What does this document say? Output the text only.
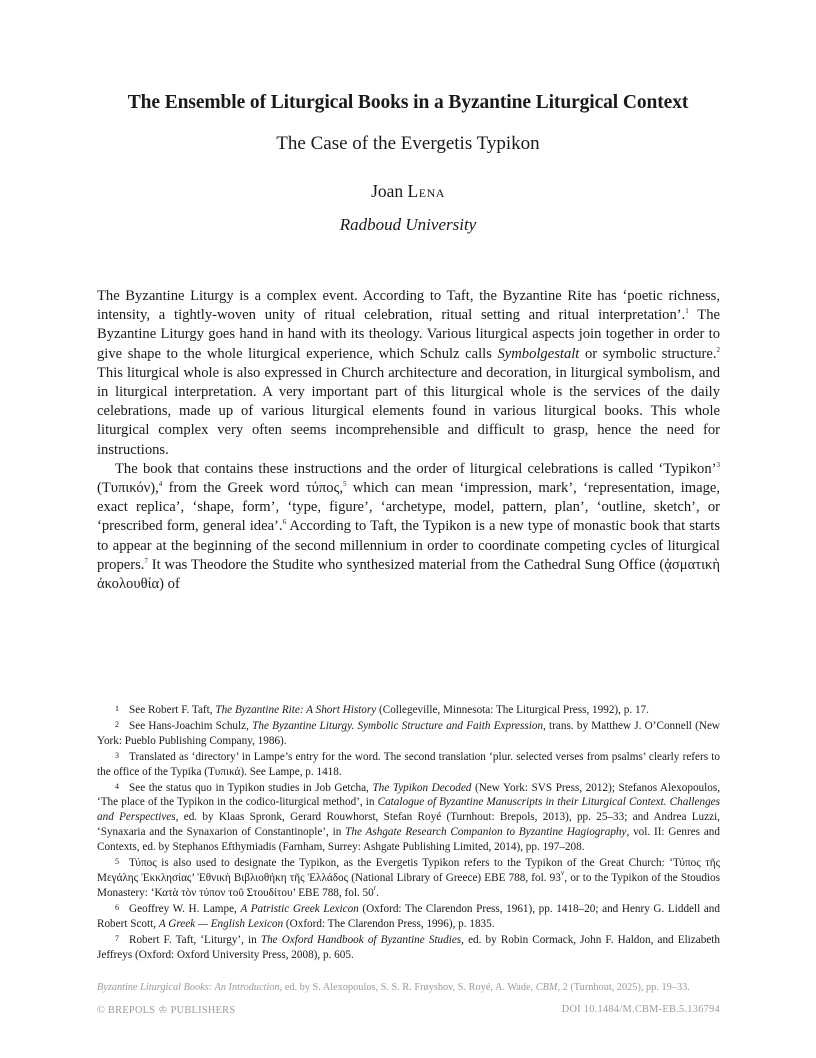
The Ensemble of Liturgical Books in a Byzantine Liturgical Context
The Case of the Evergetis Typikon
Joan Lena
Radboud University

The Byzantine Liturgy is a complex event. According to Taft, the Byzantine Rite has ‘poetic richness, intensity, a tightly-woven unity of ritual celebration, ritual setting and ritual interpretation’.$^1$ The Byzantine Liturgy goes hand in hand with its theology. Various liturgical aspects join together in order to give shape to the whole liturgical experience, which Schulz calls Symbolgestalt or symbolic structure.$^2$ This liturgical whole is also expressed in Church architecture and decoration, in liturgical symbolism, and in liturgical interpretation. A very important part of this liturgical whole is the services of the daily celebrations, made up of various liturgical elements found in various liturgical books. This whole liturgical complex very often seems incomprehensible and difficult to grasp, hence the need for instructions.

The book that contains these instructions and the order of liturgical celebrations is called ‘Typikon’$^3$ (Τυπικόν),$^4$ from the Greek word τύπος,$^5$ which can mean ‘impression, mark’, ‘representation, image, exact replica’, ‘shape, form’, ‘type, figure’, ‘archetype, model, pattern, plan’, ‘outline, sketch’, or ‘prescribed form, general idea’.$^6$ According to Taft, the Typikon is a new type of monastic book that starts to appear at the beginning of the second millennium in order to coordinate competing cycles of liturgical propers.$^7$ It was Theodore the Studite who synthesized material from the Cathedral Sung Office (ᾀσματικὴ ἀκολουθία) of

1 See Robert F. Taft, The Byzantine Rite: A Short History (Collegeville, Minnesota: The Liturgical Press, 1992), p. 17.

2 See Hans-Joachim Schulz, The Byzantine Liturgy. Symbolic Structure and Faith Expression, trans. by Matthew J. O’Connell (New York: Pueblo Publishing Company, 1986).

3 Translated as ‘directory’ in Lampe’s entry for the word. The second translation ‘plur. selected verses from psalms’ clearly refers to the office of the Typika (Τυπικά). See Lampe, p. 1418.

4 See the status quo in Typikon studies in Job Getcha, The Typikon Decoded (New York: SVS Press, 2012); Stefanos Alexopoulos, ‘The place of the Typikon in the codico-liturgical method’, in Catalogue of Byzantine Manuscripts in their Liturgical Context. Challenges and Perspectives, ed. by Klaas Spronk, Gerard Rouwhorst, Stefan Royé (Turnhout: Brepols, 2013), pp. 25–33; and Andrea Luzzi, ‘Synaxaria and the Synaxarion of Constantinople’, in The Ashgate Research Companion to Byzantine Hagiography, vol. II: Genres and Contexts, ed. by Stephanos Efthymiadis (Farnham, Surrey: Ashgate Publishing Limited, 2014), pp. 197–208.

5 Τύπος is also used to designate the Typikon, as the Evergetis Typikon refers to the Typikon of the Great Church: ‘Τύπος τῆς Μεγάλης Ἐκκλησίας’ Ἐθνικὴ Βιβλιοθήκη τῆς Ἑλλάδος (National Library of Greece) EBE 788, fol. 93$^v$, or to the Typikon of the Stoudios Monastery: ‘Κατὰ τὸν τύπον τοῦ Στουδίτου’ EBE 788, fol. 50$^r$.

6 Geoffrey W. H. Lampe, A Patristic Greek Lexicon (Oxford: The Clarendon Press, 1961), pp. 1418–20; and Henry G. Liddell and Robert Scott, A Greek — English Lexicon (Oxford: The Clarendon Press, 1996), p. 1835.

7 Robert F. Taft, ‘Liturgy’, in The Oxford Handbook of Byzantine Studies, ed. by Robin Cormack, John F. Haldon, and Elizabeth Jeffreys (Oxford: Oxford University Press, 2008), p. 605.

Byzantine Liturgical Books: An Introduction, ed. by S. Alexopoulos, S. S. R. Frøyshov, S. Royé, A. Wade, CBM, 2 (Turnhout, 2025), pp. 19–33.
© BREPOLS ♔ PUBLISHERS	DOI 10.1484/M.CBM-EB.5.136794
